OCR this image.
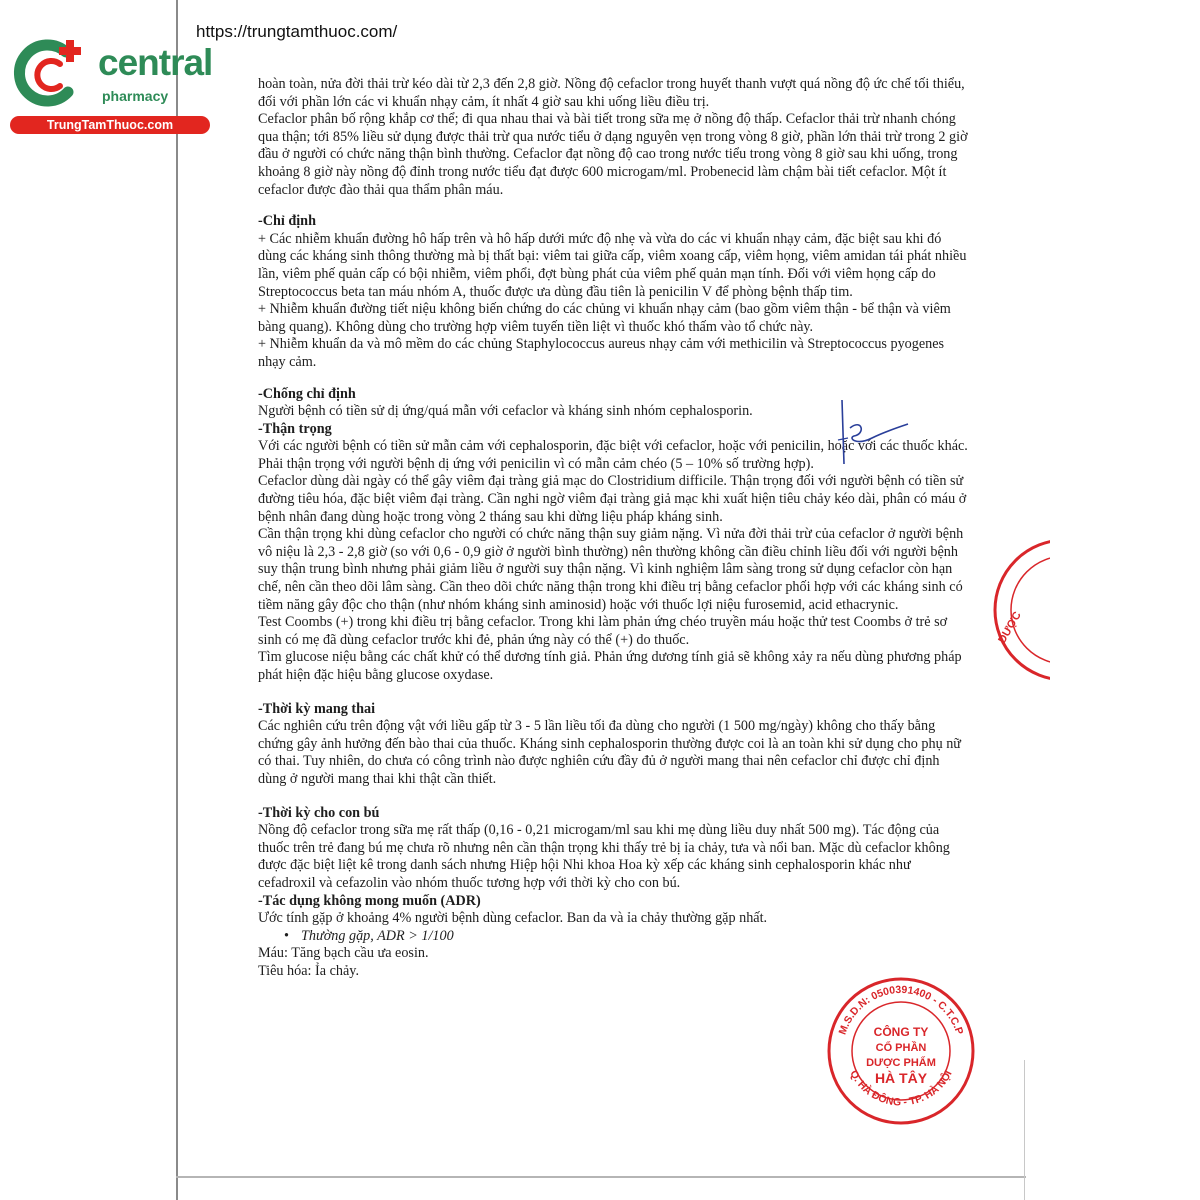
https://trungtamthuoc.com/
central
pharmacy
TrungTamThuoc.com

hoàn toàn, nửa đời thải trừ kéo dài từ 2,3 đến 2,8 giờ. Nồng độ cefaclor trong huyết thanh vượt quá nồng độ ức chế tối thiểu, đối với phần lớn các vi khuẩn nhạy cảm, ít nhất 4 giờ sau khi uống liều điều trị.

Cefaclor phân bố rộng khắp cơ thể; đi qua nhau thai và bài tiết trong sữa mẹ ở nồng độ thấp. Cefaclor thải trừ nhanh chóng qua thận; tới 85% liều sử dụng được thải trừ qua nước tiểu ở dạng nguyên vẹn trong vòng 8 giờ, phần lớn thải trừ trong 2 giờ đầu ở người có chức năng thận bình thường. Cefaclor đạt nồng độ cao trong nước tiểu trong vòng 8 giờ sau khi uống, trong khoảng 8 giờ này nồng độ đỉnh trong nước tiểu đạt được 600 microgam/ml. Probenecid làm chậm bài tiết cefaclor. Một ít cefaclor được đào thải qua thẩm phân máu.

-Chỉ định

+ Các nhiễm khuẩn đường hô hấp trên và hô hấp dưới mức độ nhẹ và vừa do các vi khuẩn nhạy cảm, đặc biệt sau khi đó dùng các kháng sinh thông thường mà bị thất bại: viêm tai giữa cấp, viêm xoang cấp, viêm họng, viêm amidan tái phát nhiều lần, viêm phế quản cấp có bội nhiễm, viêm phổi, đợt bùng phát của viêm phế quản mạn tính. Đối với viêm họng cấp do Streptococcus beta tan máu nhóm A, thuốc được ưa dùng đầu tiên là penicilin V để phòng bệnh thấp tim.

+ Nhiễm khuẩn đường tiết niệu không biến chứng do các chủng vi khuẩn nhạy cảm (bao gồm viêm thận - bể thận và viêm bàng quang). Không dùng cho trường hợp viêm tuyến tiền liệt vì thuốc khó thấm vào tổ chức này.

+ Nhiễm khuẩn da và mô mềm do các chủng Staphylococcus aureus nhạy cảm với methicilin và Streptococcus pyogenes nhạy cảm.

-Chống chỉ định

Người bệnh có tiền sử dị ứng/quá mẫn với cefaclor và kháng sinh nhóm cephalosporin.

-Thận trọng

Với các người bệnh có tiền sử mẫn cảm với cephalosporin, đặc biệt với cefaclor, hoặc với penicilin, hoặc với các thuốc khác. Phải thận trọng với người bệnh dị ứng với penicilin vì có mẫn cảm chéo (5 – 10% số trường hợp).

Cefaclor dùng dài ngày có thể gây viêm đại tràng giả mạc do Clostridium difficile. Thận trọng đối với người bệnh có tiền sử đường tiêu hóa, đặc biệt viêm đại tràng. Cần nghi ngờ viêm đại tràng giả mạc khi xuất hiện tiêu chảy kéo dài, phân có máu ở bệnh nhân đang dùng hoặc trong vòng 2 tháng sau khi dừng liệu pháp kháng sinh.

Cần thận trọng khi dùng cefaclor cho người có chức năng thận suy giảm nặng. Vì nửa đời thải trừ của cefaclor ở người bệnh vô niệu là 2,3 - 2,8 giờ (so với 0,6 - 0,9 giờ ở người bình thường) nên thường không cần điều chỉnh liều đối với người bệnh suy thận trung bình nhưng phải giảm liều ở người suy thận nặng. Vì kinh nghiệm lâm sàng trong sử dụng cefaclor còn hạn chế, nên cần theo dõi lâm sàng. Cần theo dõi chức năng thận trong khi điều trị bằng cefaclor phối hợp với các kháng sinh có tiềm năng gây độc cho thận (như nhóm kháng sinh aminosid) hoặc với thuốc lợi niệu furosemid, acid ethacrynic.

Test Coombs (+) trong khi điều trị bằng cefaclor. Trong khi làm phản ứng chéo truyền máu hoặc thử test Coombs ở trẻ sơ sinh có mẹ đã dùng cefaclor trước khi đẻ, phản ứng này có thể (+) do thuốc.

Tìm glucose niệu bằng các chất khử có thể dương tính giả. Phản ứng dương tính giả sẽ không xảy ra nếu dùng phương pháp phát hiện đặc hiệu bằng glucose oxydase.

-Thời kỳ mang thai

Các nghiên cứu trên động vật với liều gấp từ 3 - 5 lần liều tối đa dùng cho người (1 500 mg/ngày) không cho thấy bằng chứng gây ảnh hưởng đến bào thai của thuốc. Kháng sinh cephalosporin thường được coi là an toàn khi sử dụng cho phụ nữ có thai. Tuy nhiên, do chưa có công trình nào được nghiên cứu đầy đủ ở người mang thai nên cefaclor chỉ được chỉ định dùng ở người mang thai khi thật cần thiết.

-Thời kỳ cho con bú

Nồng độ cefaclor trong sữa mẹ rất thấp (0,16 - 0,21 microgam/ml sau khi mẹ dùng liều duy nhất 500 mg). Tác động của thuốc trên trẻ đang bú mẹ chưa rõ nhưng nên cần thận trọng khi thấy trẻ bị ỉa chảy, tưa và nổi ban. Mặc dù cefaclor không được đặc biệt liệt kê trong danh sách nhưng Hiệp hội Nhi khoa Hoa kỳ xếp các kháng sinh cephalosporin khác như cefadroxil và cefazolin vào nhóm thuốc tương hợp với thời kỳ cho con bú.

-Tác dụng không mong muốn (ADR)

Ước tính gặp ở khoảng 4% người bệnh dùng cefaclor. Ban da và ỉa chảy thường gặp nhất.

• Thường gặp, ADR > 1/100

Máu: Tăng bạch cầu ưa eosin.

Tiêu hóa: Ỉa chảy.

DƯỢC
M.S.D.N: 0500391400 - C.T.C.P
Q. HÀ ĐÔNG - TP. HÀ NỘI
CÔNG TY
CỔ PHẦN
DƯỢC PHẨM
HÀ TÂY
